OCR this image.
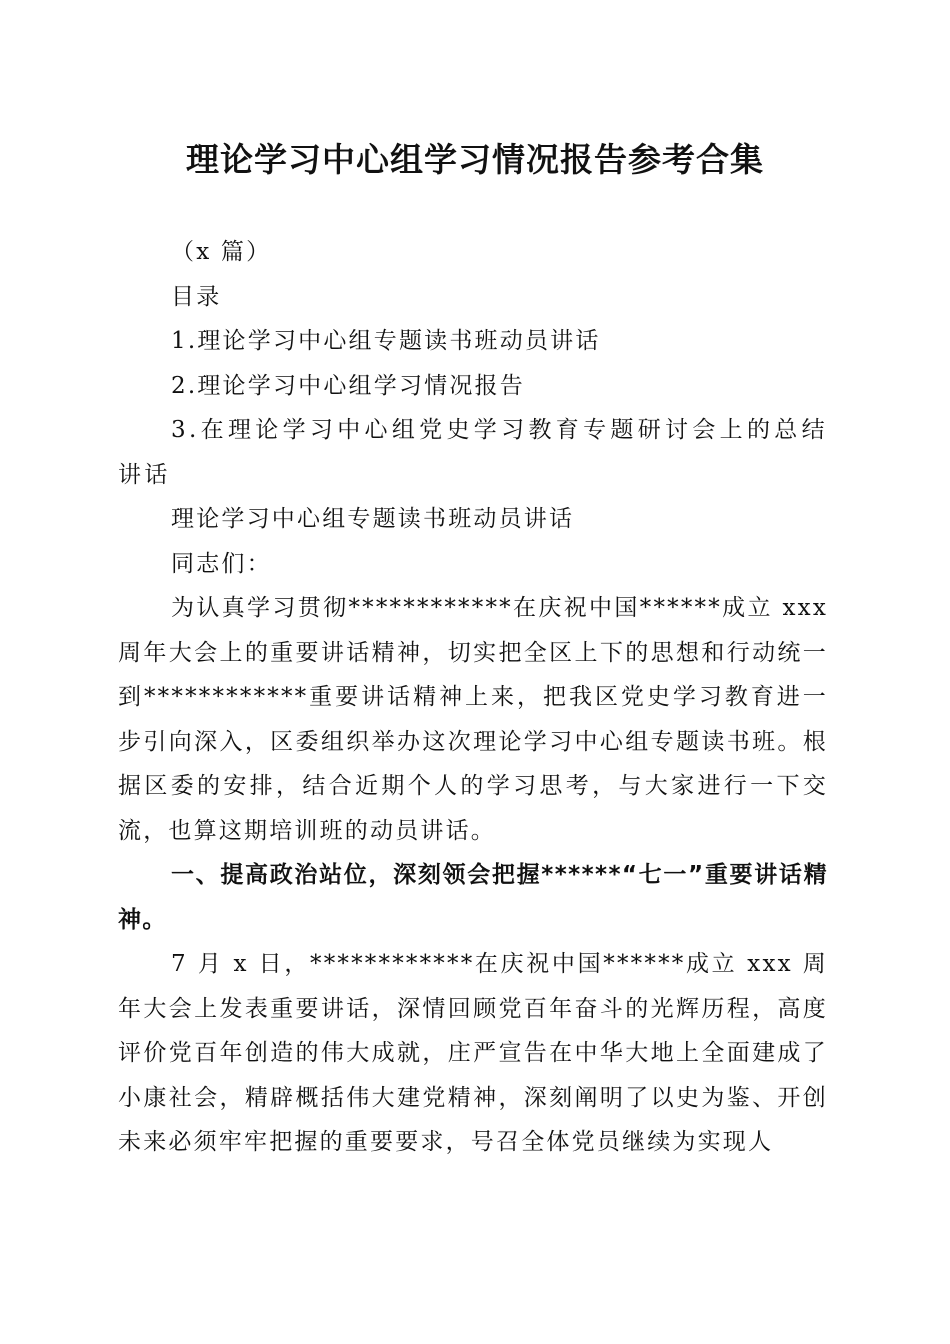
理论学习中心组学习情况报告参考合集

（x 篇）

目录

1.理论学习中心组专题读书班动员讲话

2.理论学习中心组学习情况报告

3.在理论学习中心组党史学习教育专题研讨会上的总结讲话

理论学习中心组专题读书班动员讲话

同志们：

为认真学习贯彻************在庆祝中国******成立 xxx 周年大会上的重要讲话精神，切实把全区上下的思想和行动统一到************重要讲话精神上来，把我区党史学习教育进一步引向深入，区委组织举办这次理论学习中心组专题读书班。根据区委的安排，结合近期个人的学习思考，与大家进行一下交流，也算这期培训班的动员讲话。

一、提高政治站位，深刻领会把握******“七一”重要讲话精神。

7 月 x 日，************在庆祝中国******成立 xxx 周年大会上发表重要讲话，深情回顾党百年奋斗的光辉历程，高度评价党百年创造的伟大成就，庄严宣告在中华大地上全面建成了小康社会，精辟概括伟大建党精神，深刻阐明了以史为鉴、开创未来必须牢牢把握的重要要求，号召全体党员继续为实现人
